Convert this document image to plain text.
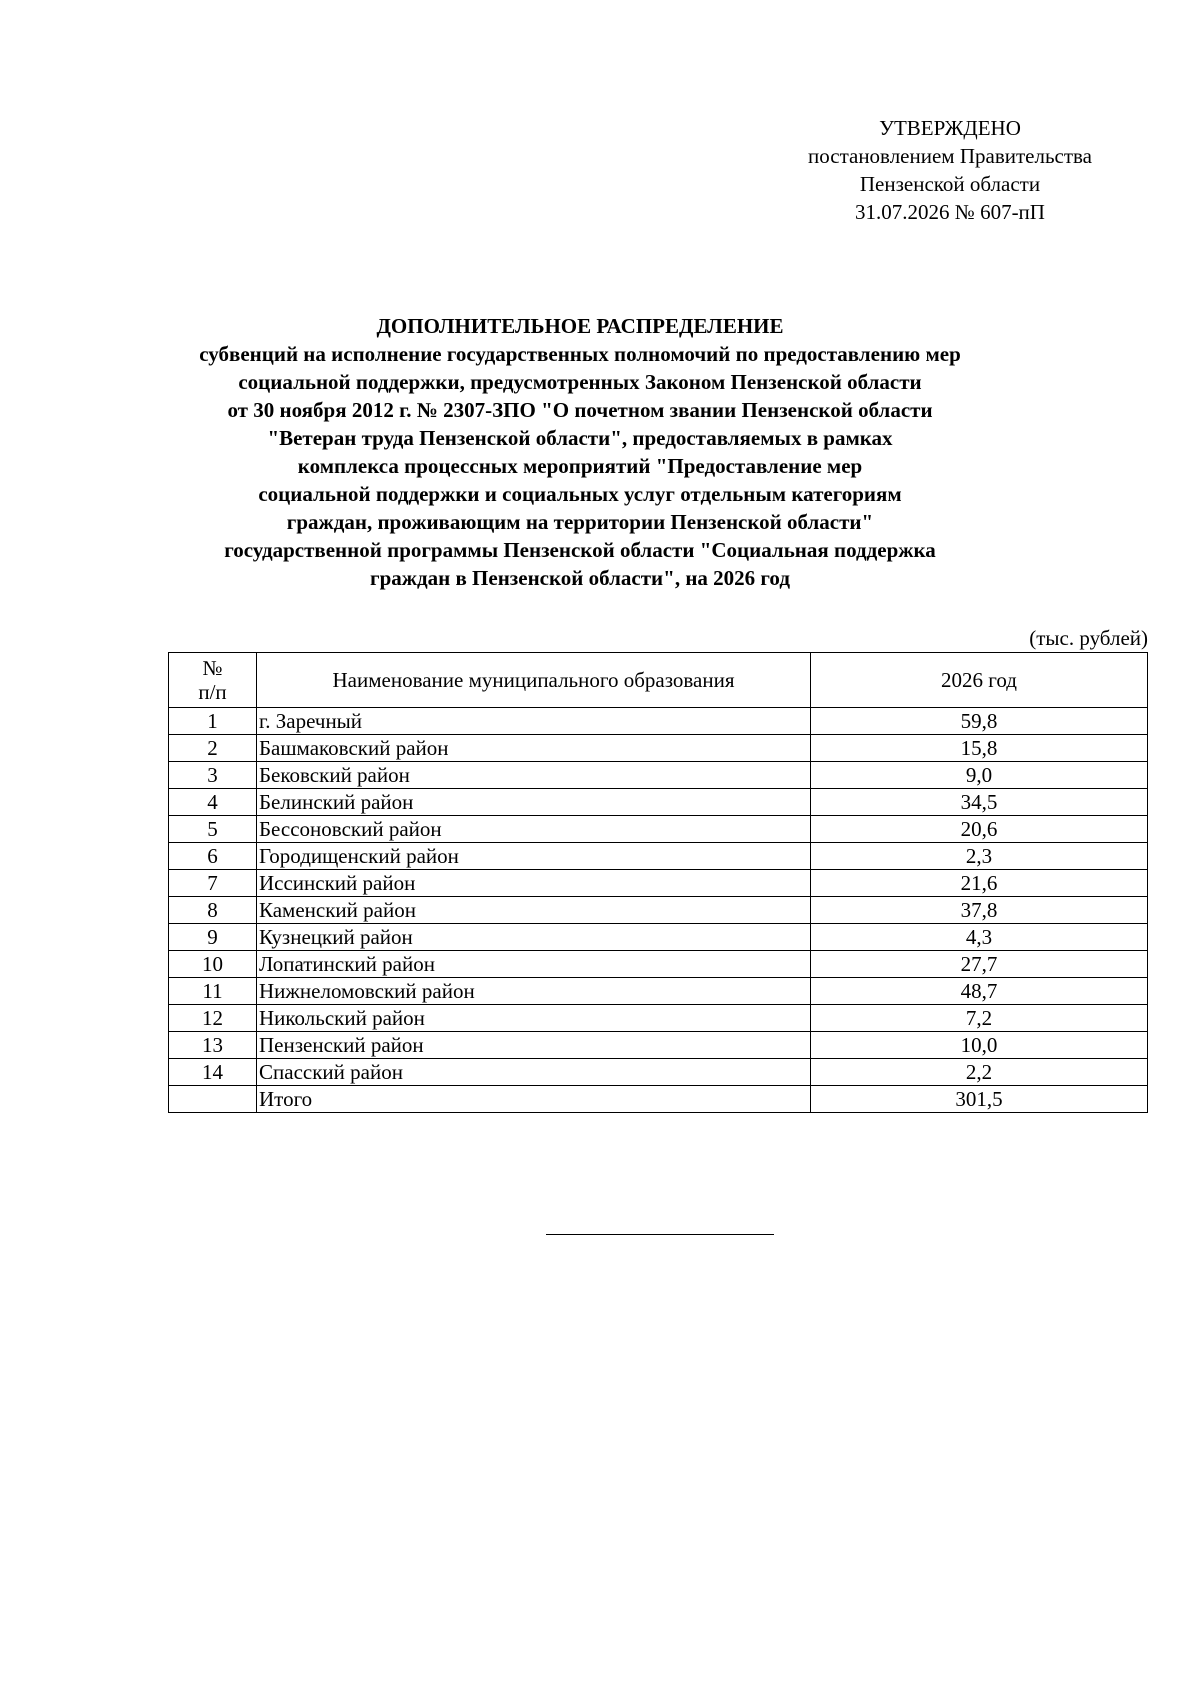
УТВЕРЖДЕНО
постановлением Правительства
Пензенской области
31.07.2026 № 607-пП
ДОПОЛНИТЕЛЬНОЕ РАСПРЕДЕЛЕНИЕ
субвенций на исполнение государственных полномочий по предоставлению мер
социальной поддержки, предусмотренных Законом Пензенской области
от 30 ноября 2012 г. № 2307-ЗПО "О почетном звании Пензенской области
"Ветеран труда Пензенской области", предоставляемых в рамках
комплекса процессных мероприятий "Предоставление мер
социальной поддержки и социальных услуг отдельным категориям
граждан, проживающим на территории Пензенской области"
государственной программы Пензенской области "Социальная поддержка
граждан в Пензенской области", на 2026 год
(тыс. рублей)
№
п/п	Наименование муниципального образования	2026 год
1	г. Заречный	59,8
2	Башмаковский район	15,8
3	Бековский район	9,0
4	Белинский район	34,5
5	Бессоновский район	20,6
6	Городищенский район	2,3
7	Иссинский район	21,6
8	Каменский район	37,8
9	Кузнецкий район	4,3
10	Лопатинский район	27,7
11	Нижнеломовский район	48,7
12	Никольский район	7,2
13	Пензенский район	10,0
14	Спасский район	2,2
	Итого	301,5
